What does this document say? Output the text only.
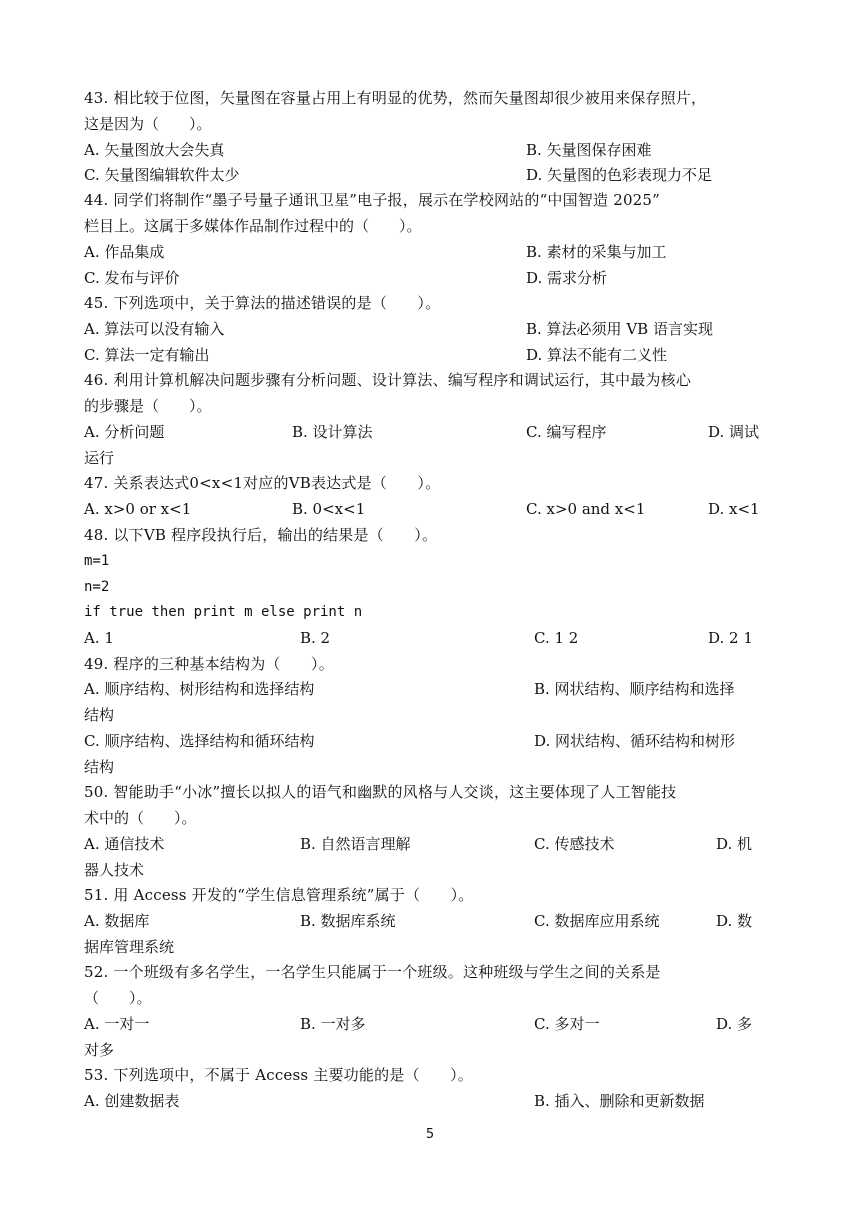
43. 相比较于位图，矢量图在容量占用上有明显的优势，然而矢量图却很少被用来保存照片，
这是因为（　　）。
A. 矢量图放大会失真	B. 矢量图保存困难
C. 矢量图编辑软件太少	D. 矢量图的色彩表现力不足
44. 同学们将制作“墨子号量子通讯卫星”电子报，展示在学校网站的“中国智造 2025”
栏目上。这属于多媒体作品制作过程中的（　　）。
A. 作品集成	B. 素材的采集与加工
C. 发布与评价	D. 需求分析
45. 下列选项中，关于算法的描述错误的是（　　）。
A. 算法可以没有输入	B. 算法必须用 VB 语言实现
C. 算法一定有输出	D. 算法不能有二义性
46. 利用计算机解决问题步骤有分析问题、设计算法、编写程序和调试运行，其中最为核心
的步骤是（　　）。
A. 分析问题	B. 设计算法	C. 编写程序	D. 调试
运行
47. 关系表达式0<x<1对应的VB表达式是（　　）。
A. x>0 or x<1	B. 0<x<1	C. x>0 and x<1	D. x<1
48. 以下VB 程序段执行后，输出的结果是（　　）。
m=1
n=2
if true then print m else print n
A. 1	B. 2	C. 1 2	D. 2 1
49. 程序的三种基本结构为（　　）。
A. 顺序结构、树形结构和选择结构	B. 网状结构、顺序结构和选择
结构
C. 顺序结构、选择结构和循环结构	D. 网状结构、循环结构和树形
结构
50. 智能助手“小冰”擅长以拟人的语气和幽默的风格与人交谈，这主要体现了人工智能技
术中的（　　）。
A. 通信技术	B. 自然语言理解	C. 传感技术	D. 机
器人技术
51. 用 Access 开发的“学生信息管理系统”属于（　　）。
A. 数据库	B. 数据库系统	C. 数据库应用系统	D. 数
据库管理系统
52. 一个班级有多名学生，一名学生只能属于一个班级。这种班级与学生之间的关系是
（　　）。
A. 一对一	B. 一对多	C. 多对一	D. 多
对多
53. 下列选项中，不属于 Access 主要功能的是（　　）。
A. 创建数据表	B. 插入、删除和更新数据
5
